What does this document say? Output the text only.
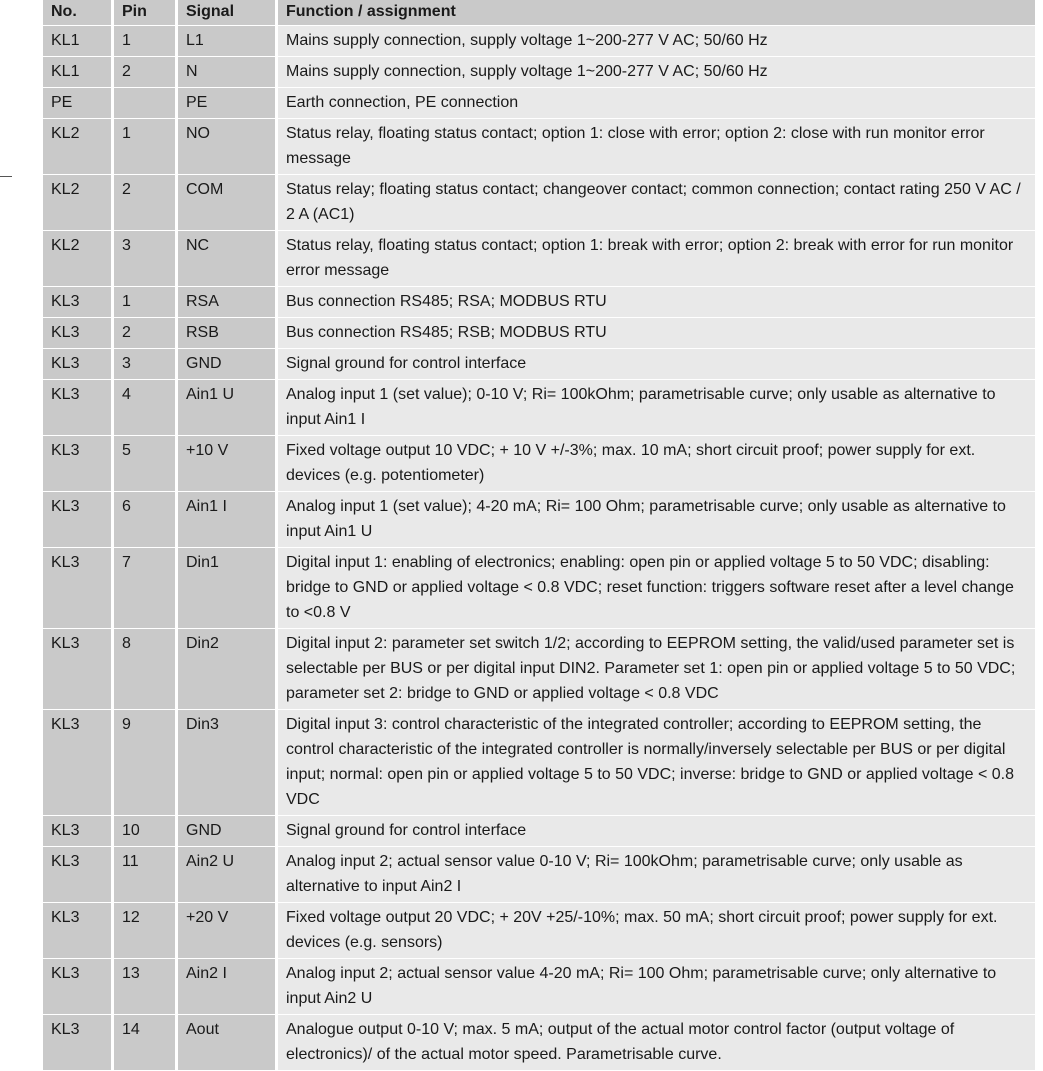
No.	Pin	Signal	Function / assignment
KL1	1	L1	Mains supply connection, supply voltage 1~200-277 V AC; 50/60 Hz
KL1	2	N	Mains supply connection, supply voltage 1~200-277 V AC; 50/60 Hz
PE		PE	Earth connection, PE connection
KL2	1	NO	Status relay, floating status contact; option 1: close with error; option 2: close with run monitor error message
KL2	2	COM	Status relay; floating status contact; changeover contact; common connection; contact rating 250 V AC / 2 A (AC1)
KL2	3	NC	Status relay, floating status contact; option 1: break with error; option 2: break with error for run monitor error message
KL3	1	RSA	Bus connection RS485; RSA; MODBUS RTU
KL3	2	RSB	Bus connection RS485; RSB; MODBUS RTU
KL3	3	GND	Signal ground for control interface
KL3	4	Ain1 U	Analog input 1 (set value); 0-10 V; Ri= 100kOhm; parametrisable curve; only usable as alternative to input Ain1 I
KL3	5	+10 V	Fixed voltage output 10 VDC; + 10 V +/-3%; max. 10 mA; short circuit proof; power supply for ext. devices (e.g. potentiometer)
KL3	6	Ain1 I	Analog input 1 (set value); 4-20 mA; Ri= 100 Ohm; parametrisable curve; only usable as alternative to input Ain1 U
KL3	7	Din1	Digital input 1: enabling of electronics; enabling: open pin or applied voltage 5 to 50 VDC; disabling: bridge to GND or applied voltage < 0.8 VDC; reset function: triggers software reset after a level change to <0.8 V
KL3	8	Din2	Digital input 2: parameter set switch 1/2; according to EEPROM setting, the valid/used parameter set is selectable per BUS or per digital input DIN2. Parameter set 1: open pin or applied voltage 5 to 50 VDC; parameter set 2: bridge to GND or applied voltage < 0.8 VDC
KL3	9	Din3	Digital input 3: control characteristic of the integrated controller; according to EEPROM setting, the control characteristic of the integrated controller is normally/inversely selectable per BUS or per digital input; normal: open pin or applied voltage 5 to 50 VDC; inverse: bridge to GND or applied voltage < 0.8 VDC
KL3	10	GND	Signal ground for control interface
KL3	11	Ain2 U	Analog input 2; actual sensor value 0-10 V; Ri= 100kOhm; parametrisable curve; only usable as alternative to input Ain2 I
KL3	12	+20 V	Fixed voltage output 20 VDC; + 20V +25/-10%; max. 50 mA; short circuit proof; power supply for ext. devices (e.g. sensors)
KL3	13	Ain2 I	Analog input 2; actual sensor value 4-20 mA; Ri= 100 Ohm; parametrisable curve; only alternative to input Ain2 U
KL3	14	Aout	Analogue output 0-10 V; max. 5 mA; output of the actual motor control factor (output voltage of electronics)/ of the actual motor speed. Parametrisable curve.
